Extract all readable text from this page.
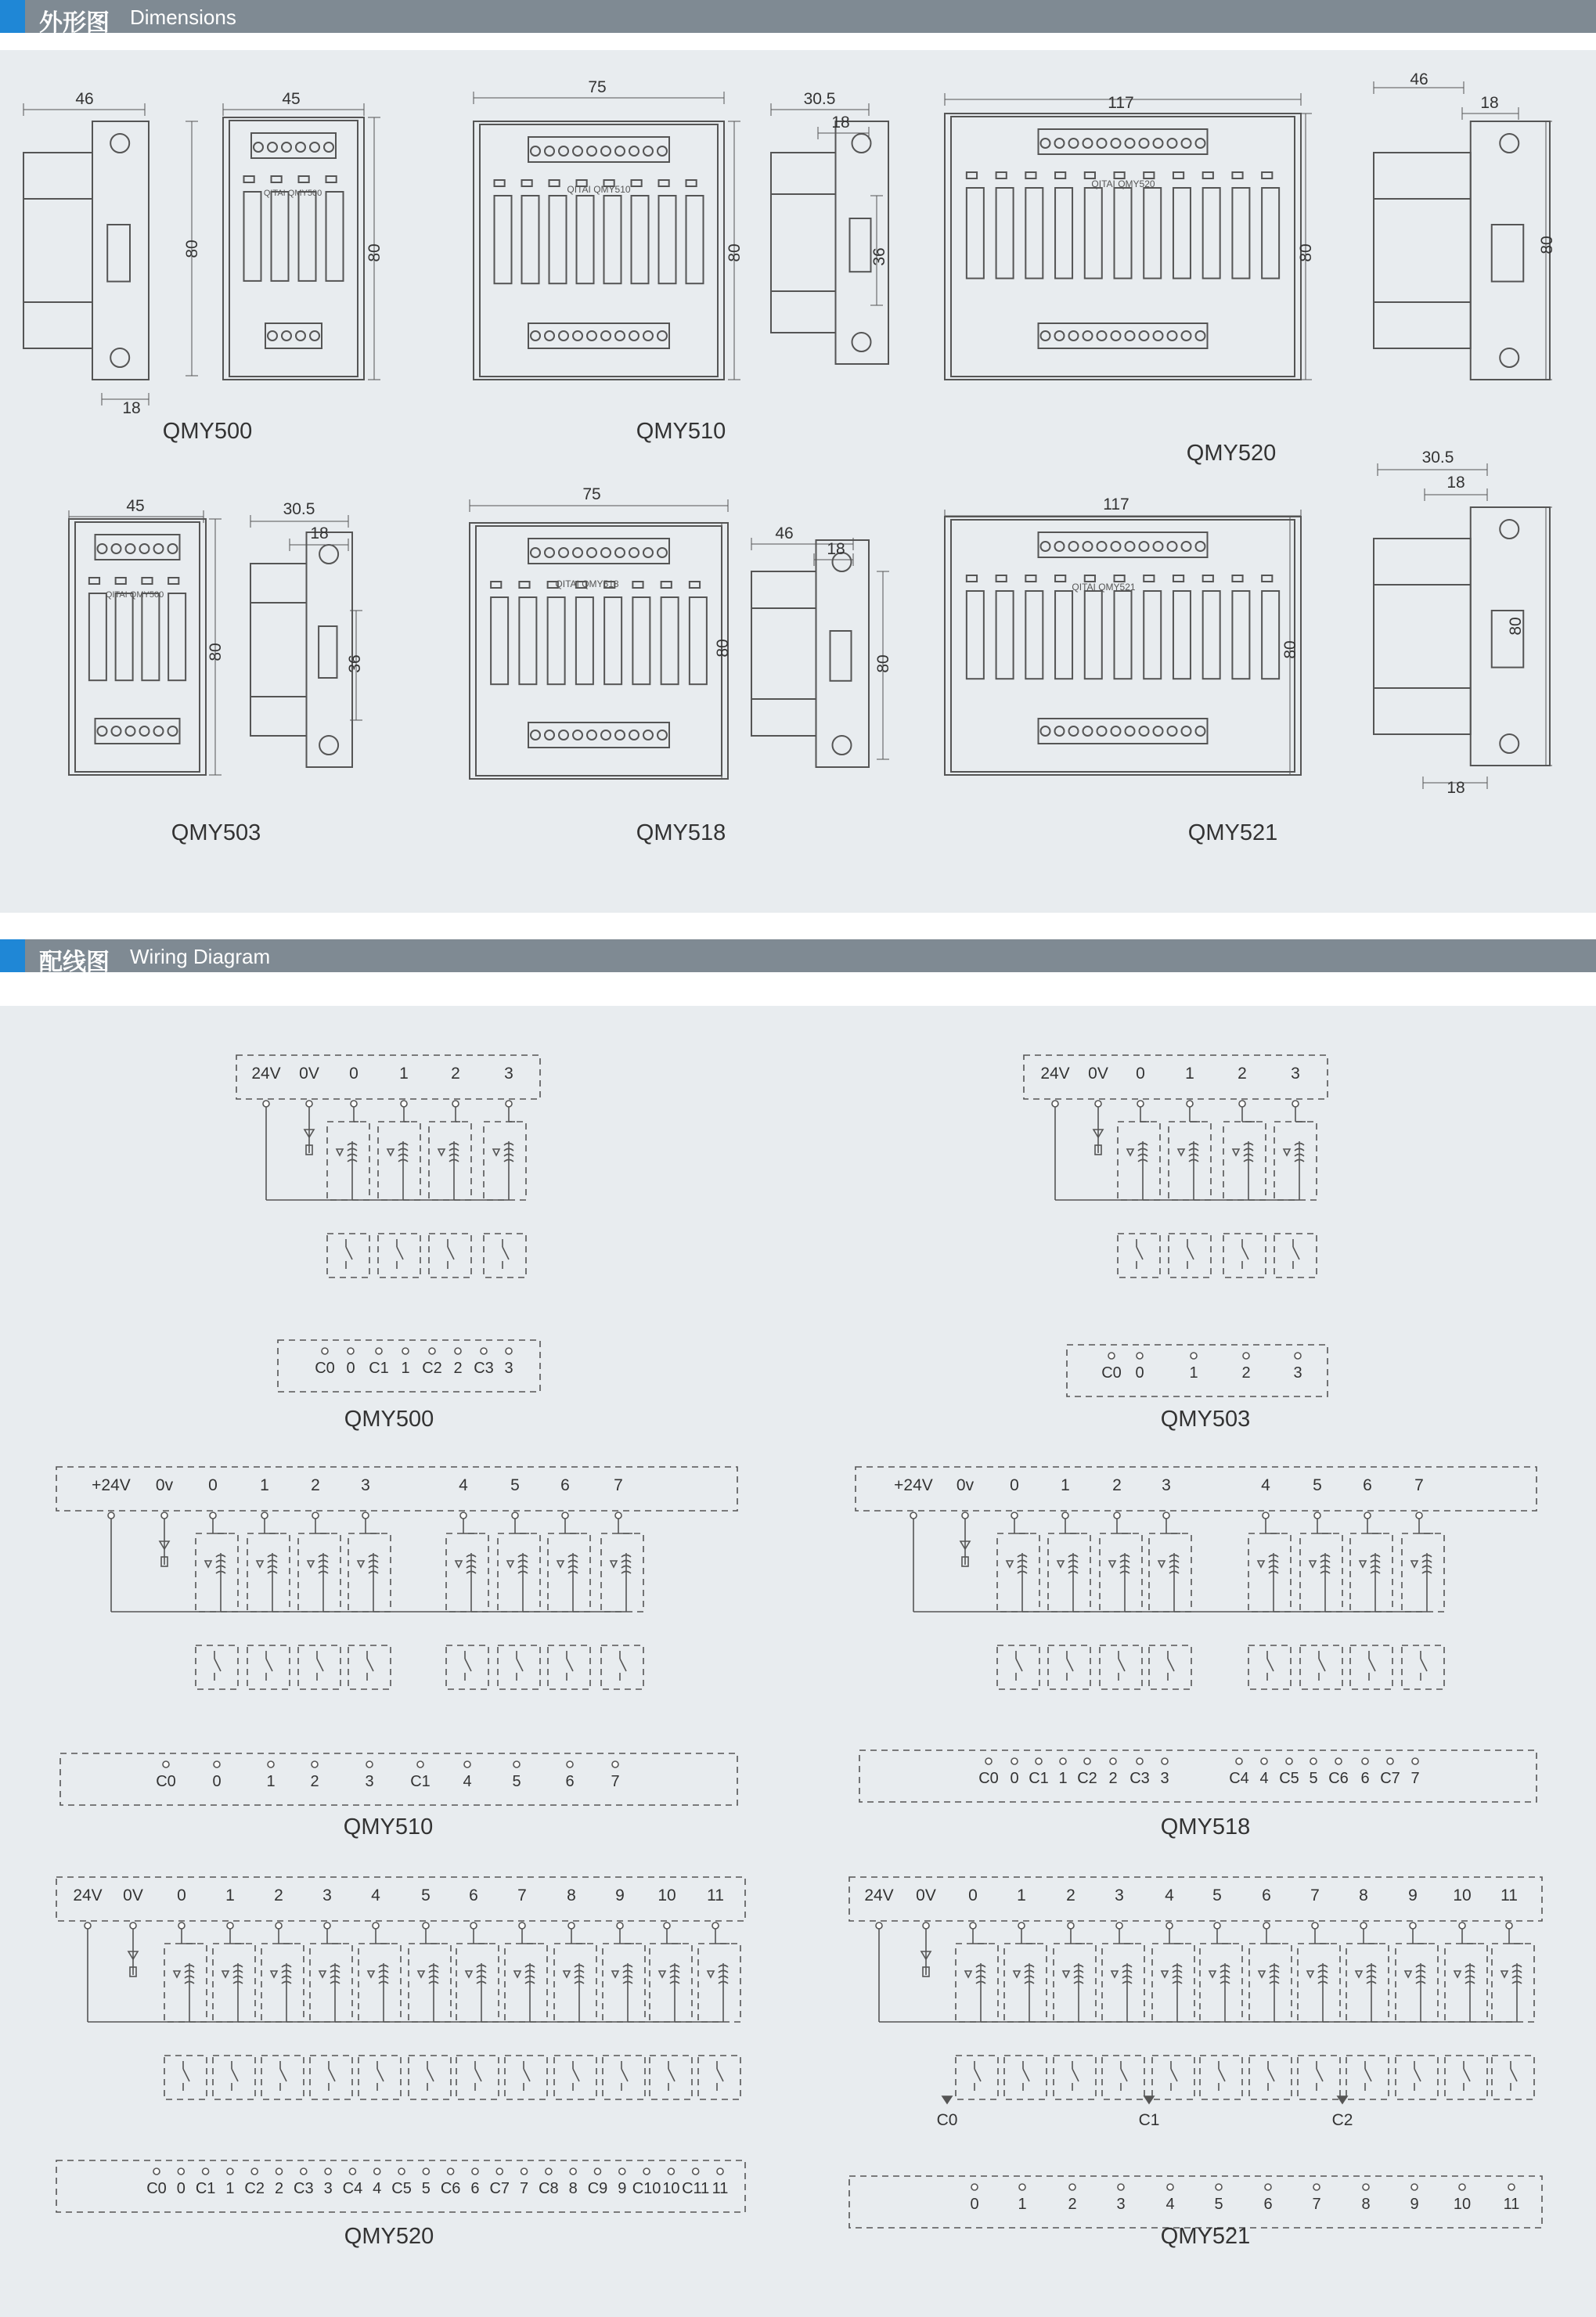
外形图 Dimensions
配线图 Wiring Diagram
QMY500	QMY510
QMY520
QMY503	QMY518	QMY521
46	45
18
75
30.5
18
117
46
18
45	30.5
18
75
46
18
117
30.5
18
18
80	80	80	36	80	80
80
36
80
80
80
80
QITAI QMY500	QITAI QMY510	QITAI QMY520
QITAI QMY500
QITAI QMY518	QITAI QMY521
24V 0V 0 1	2	3
C0 0 C1 1 C2 2 C3 3
QMY500
24V 0V 0 1	2	3
C0 0	1	2	3
QMY503
+24V 0v 0	1	2 3	4	5 6	7
C0 0	1 2	3 C1 4	5	6 7
QMY510
+24V 0v 0	1	2 3	4	5 6	7
C0 0 C1 1 C2 2 C3 3	C4 4 C5 5 C6 6 C7 7
QMY518
24V 0V 0 1 2 3 4 5 6 7 8 9 10 11
C0 0 C1 1 C2 2 C3 3 C4 4 C5 5 C6 6 C7 7 C8 8 C9 9 C10 10 C11 11
QMY520
24V 0V 0 1 2 3 4 5 6 7 8 9 10 11
0 1	2	3	4	5	6	7	8	9 10 11
QMY521
C0	C1	C2
